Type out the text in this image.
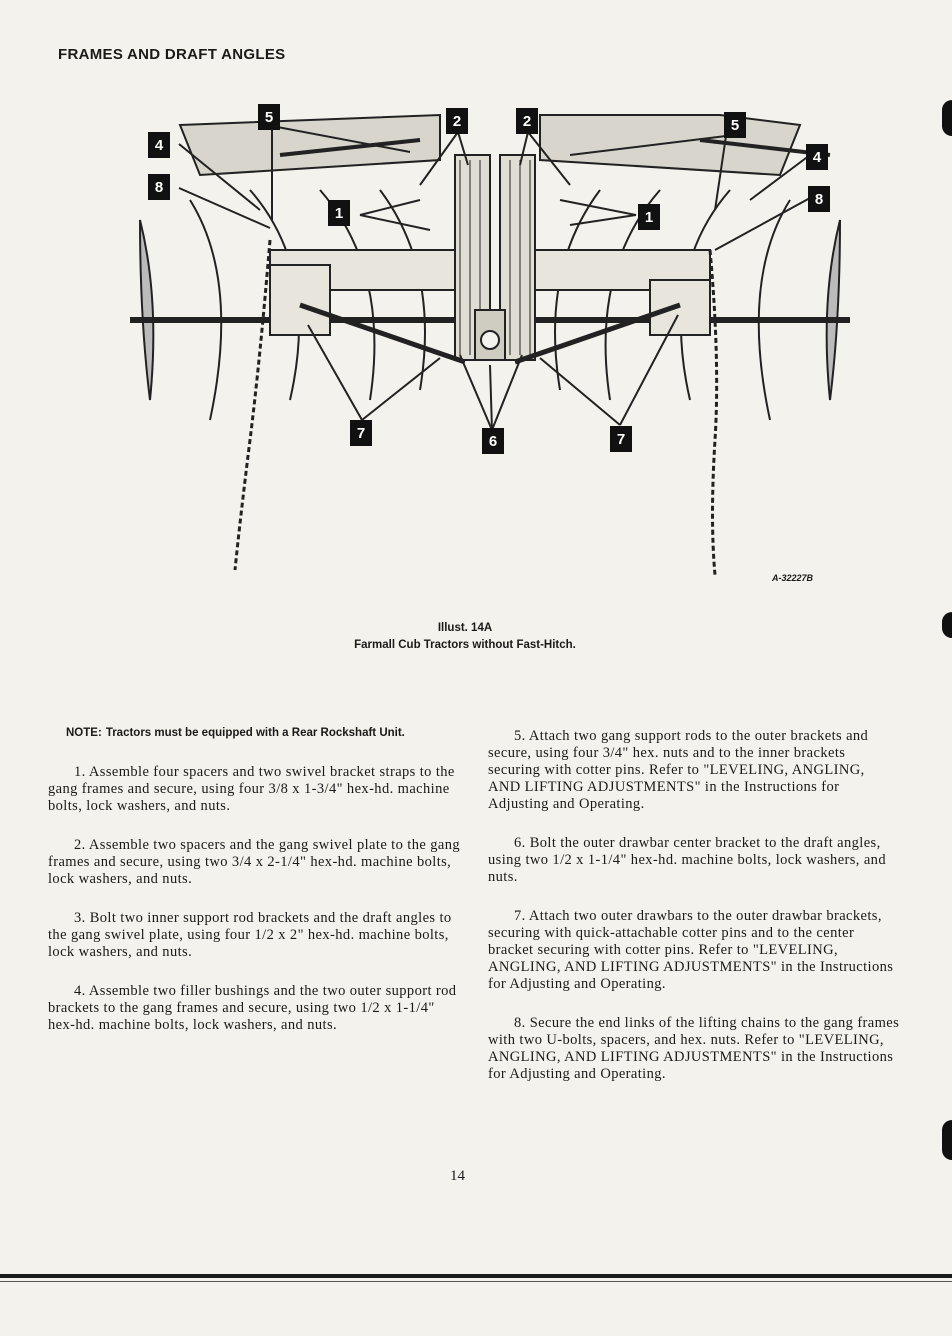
FRAMES AND DRAFT ANGLES
5	2	2	5
4
4
8
8
1	1
7	6	7
A-32227B
Illust. 14A
Farmall Cub Tractors without Fast-Hitch.

NOTE: Tractors must be equipped with a Rear Rockshaft Unit.

1. Assemble four spacers and two swivel bracket straps to the gang frames and secure, using four 3/8 x 1-3/4" hex-hd. machine bolts, lock washers, and nuts.

2. Assemble two spacers and the gang swivel plate to the gang frames and secure, using two 3/4 x 2-1/4" hex-hd. machine bolts, lock washers, and nuts.

3. Bolt two inner support rod brackets and the draft angles to the gang swivel plate, using four 1/2 x 2" hex-hd. machine bolts, lock washers, and nuts.

4. Assemble two filler bushings and the two outer support rod brackets to the gang frames and secure, using two 1/2 x 1-1/4" hex-hd. machine bolts, lock washers, and nuts.

5. Attach two gang support rods to the outer brackets and secure, using four 3/4" hex. nuts and to the inner brackets securing with cotter pins. Refer to "LEVELING, ANGLING, AND LIFTING ADJUSTMENTS" in the Instructions for Adjusting and Operating.

6. Bolt the outer drawbar center bracket to the draft angles, using two 1/2 x 1-1/4" hex-hd. machine bolts, lock washers, and nuts.

7. Attach two outer drawbars to the outer drawbar brackets, securing with quick-attachable cotter pins and to the center bracket securing with cotter pins. Refer to "LEVELING, ANGLING, AND LIFTING ADJUSTMENTS" in the Instructions for Adjusting and Operating.

8. Secure the end links of the lifting chains to the gang frames with two U-bolts, spacers, and hex. nuts. Refer to "LEVELING, ANGLING, AND LIFTING ADJUSTMENTS" in the Instructions for Adjusting and Operating.

14
